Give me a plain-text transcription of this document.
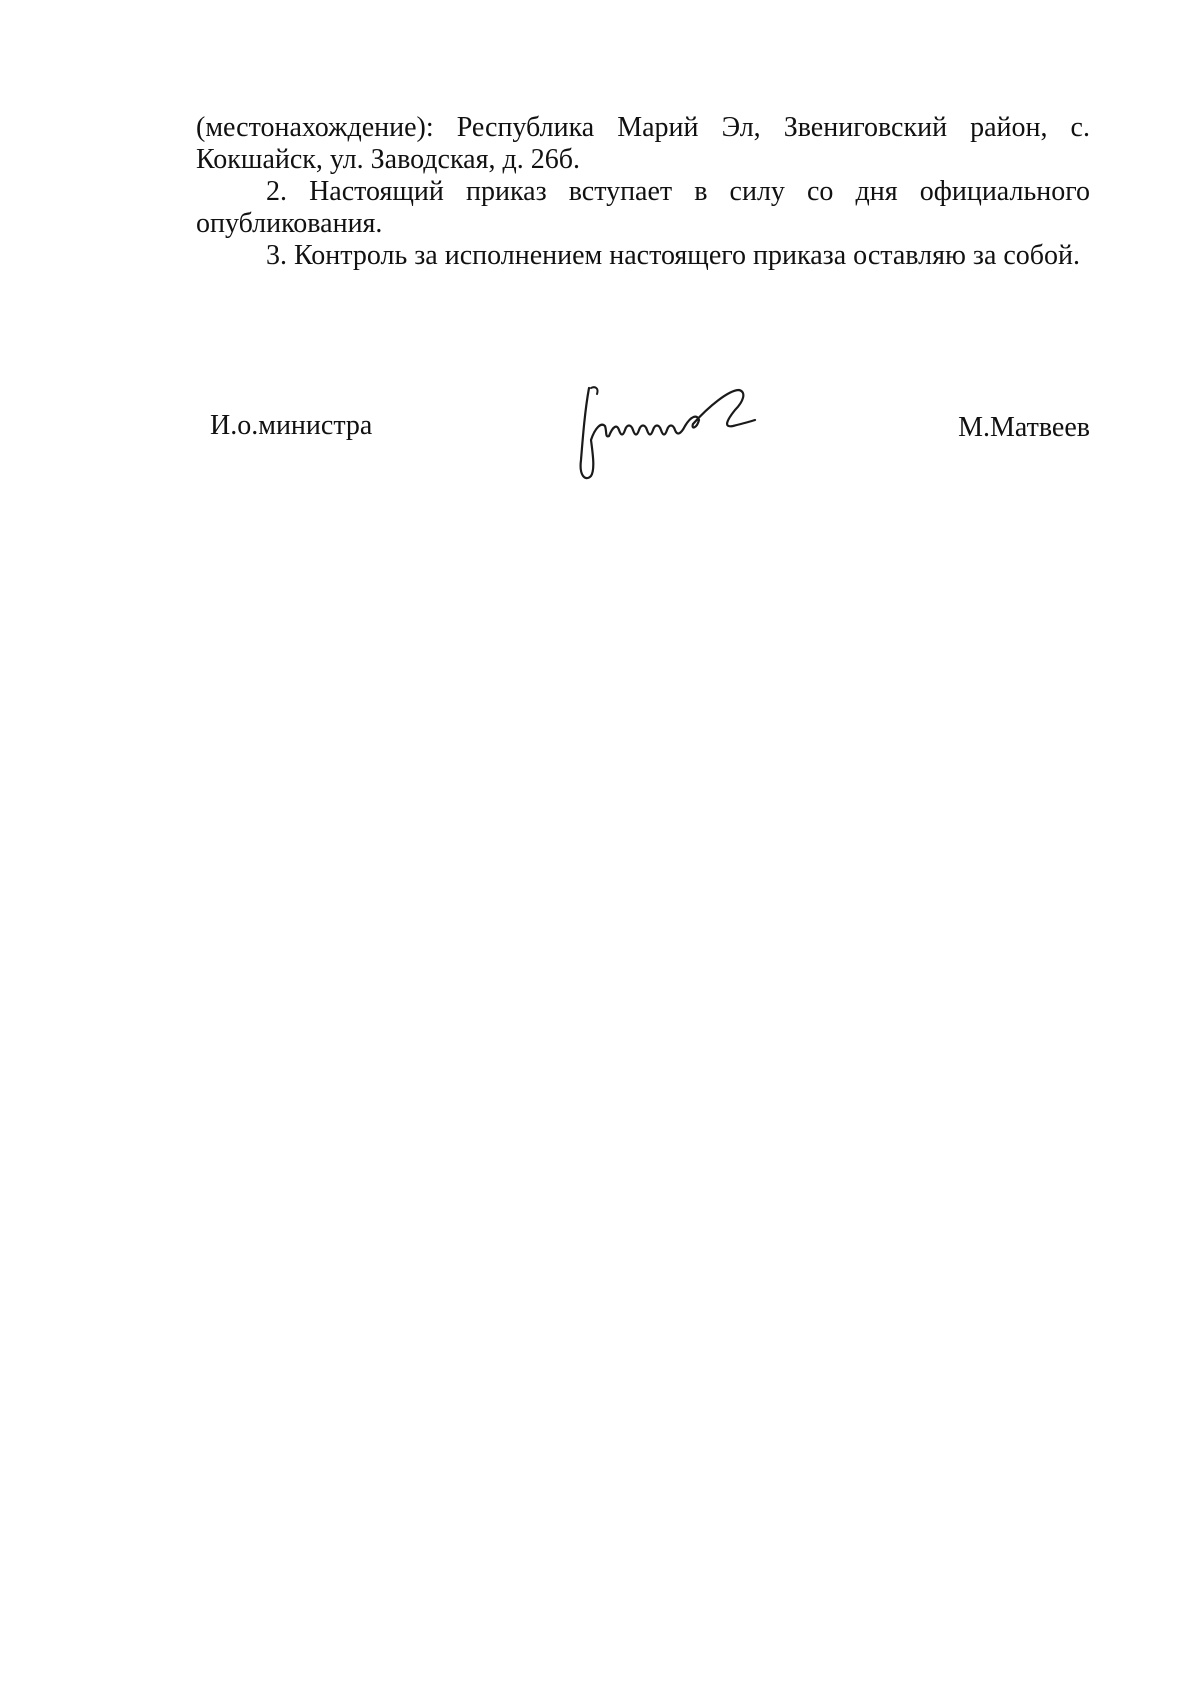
(местонахождение): Республика Марий Эл, Звениговский район, с. Кокшайск, ул. Заводская, д. 26б.

2. Настоящий приказ вступает в силу со дня официального опубликования.

3. Контроль за исполнением настоящего приказа оставляю за собой.

И.о.министра	М.Матвеев
